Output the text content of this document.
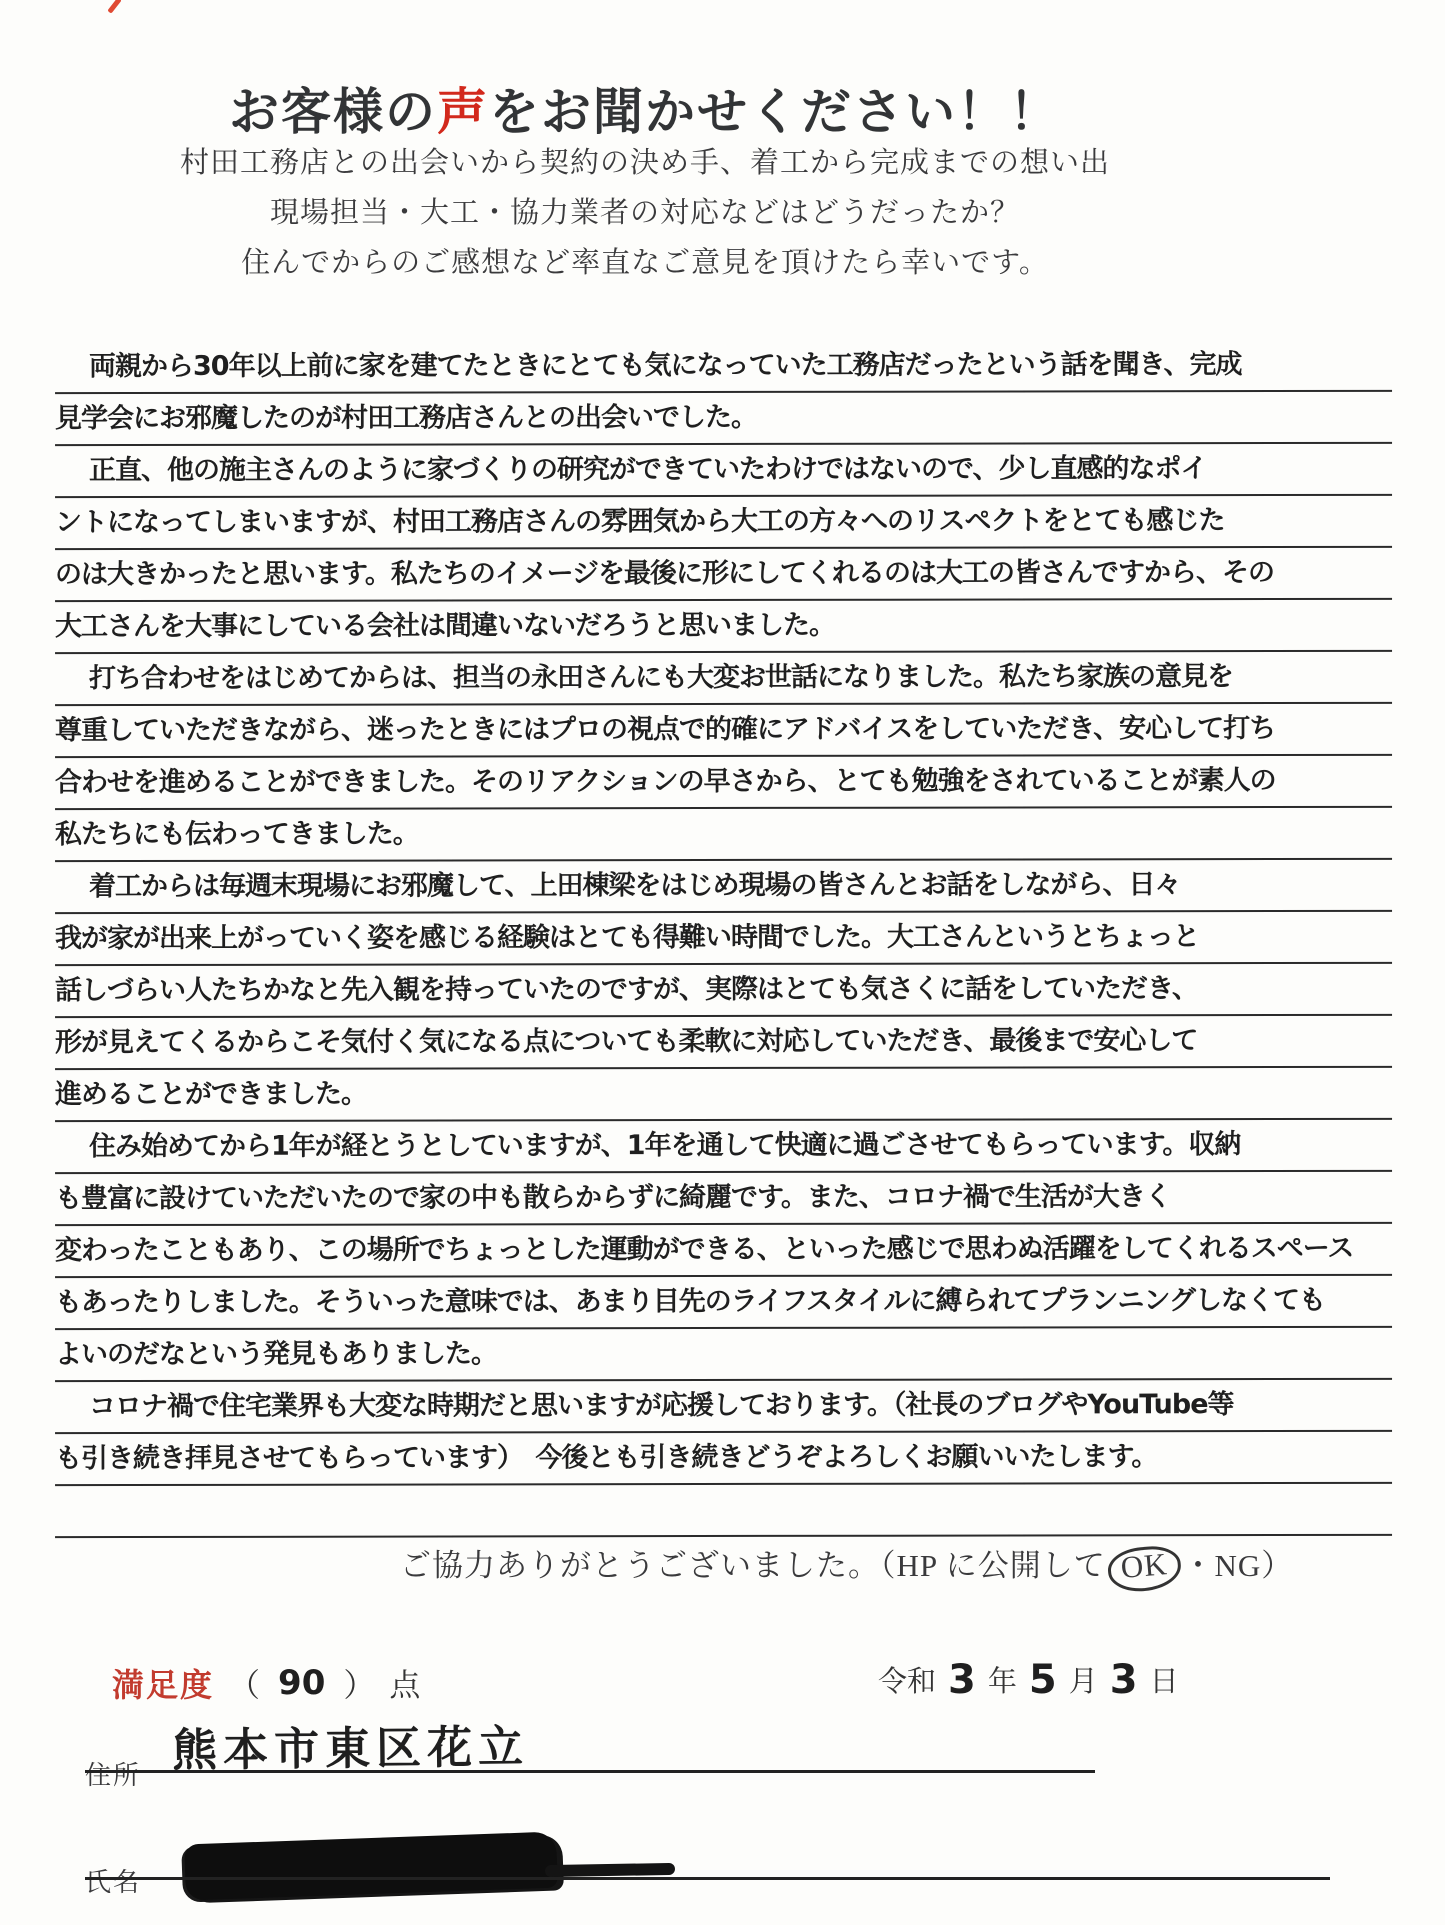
お客様の声をお聞かせください！！
村田工務店との出会いから契約の決め手、着工から完成までの想い出
現場担当・大工・協力業者の対応などはどうだったか？
住んでからのご感想など率直なご意見を頂けたら幸いです。
両親から30年以上前に家を建てたときにとても気になっていた工務店だったという話を聞き、完成
見学会にお邪魔したのが村田工務店さんとの出会いでした。
正直、他の施主さんのように家づくりの研究ができていたわけではないので、少し直感的なポイ
ントになってしまいますが、村田工務店さんの雰囲気から大工の方々へのリスペクトをとても感じた
のは大きかったと思います。私たちのイメージを最後に形にしてくれるのは大工の皆さんですから、その
大工さんを大事にしている会社は間違いないだろうと思いました。
打ち合わせをはじめてからは、担当の永田さんにも大変お世話になりました。私たち家族の意見を
尊重していただきながら、迷ったときにはプロの視点で的確にアドバイスをしていただき、安心して打ち
合わせを進めることができました。そのリアクションの早さから、とても勉強をされていることが素人の
私たちにも伝わってきました。
着工からは毎週末現場にお邪魔して、上田棟梁をはじめ現場の皆さんとお話をしながら、日々
我が家が出来上がっていく姿を感じる経験はとても得難い時間でした。大工さんというとちょっと
話しづらい人たちかなと先入観を持っていたのですが、実際はとても気さくに話をしていただき、
形が見えてくるからこそ気付く気になる点についても柔軟に対応していただき、最後まで安心して
進めることができました。
住み始めてから1年が経とうとしていますが、1年を通して快適に過ごさせてもらっています。収納
も豊富に設けていただいたので家の中も散らからずに綺麗です。また、コロナ禍で生活が大きく
変わったこともあり、この場所でちょっとした運動ができる、といった感じで思わぬ活躍をしてくれるスペース
もあったりしました。そういった意味では、あまり目先のライフスタイルに縛られてプランニングしなくても
よいのだなという発見もありました。
コロナ禍で住宅業界も大変な時期だと思いますが応援しております。（社長のブログやYouTube等
も引き続き拝見させてもらっています）　今後とも引き続きどうぞよろしくお願いいたします。
ご協力ありがとうございました。（HP に公開して OK ・NG）
満足度 （ 90 ） 点	令和 3 年 5 月 3 日
住所 熊本市東区花立
氏名
